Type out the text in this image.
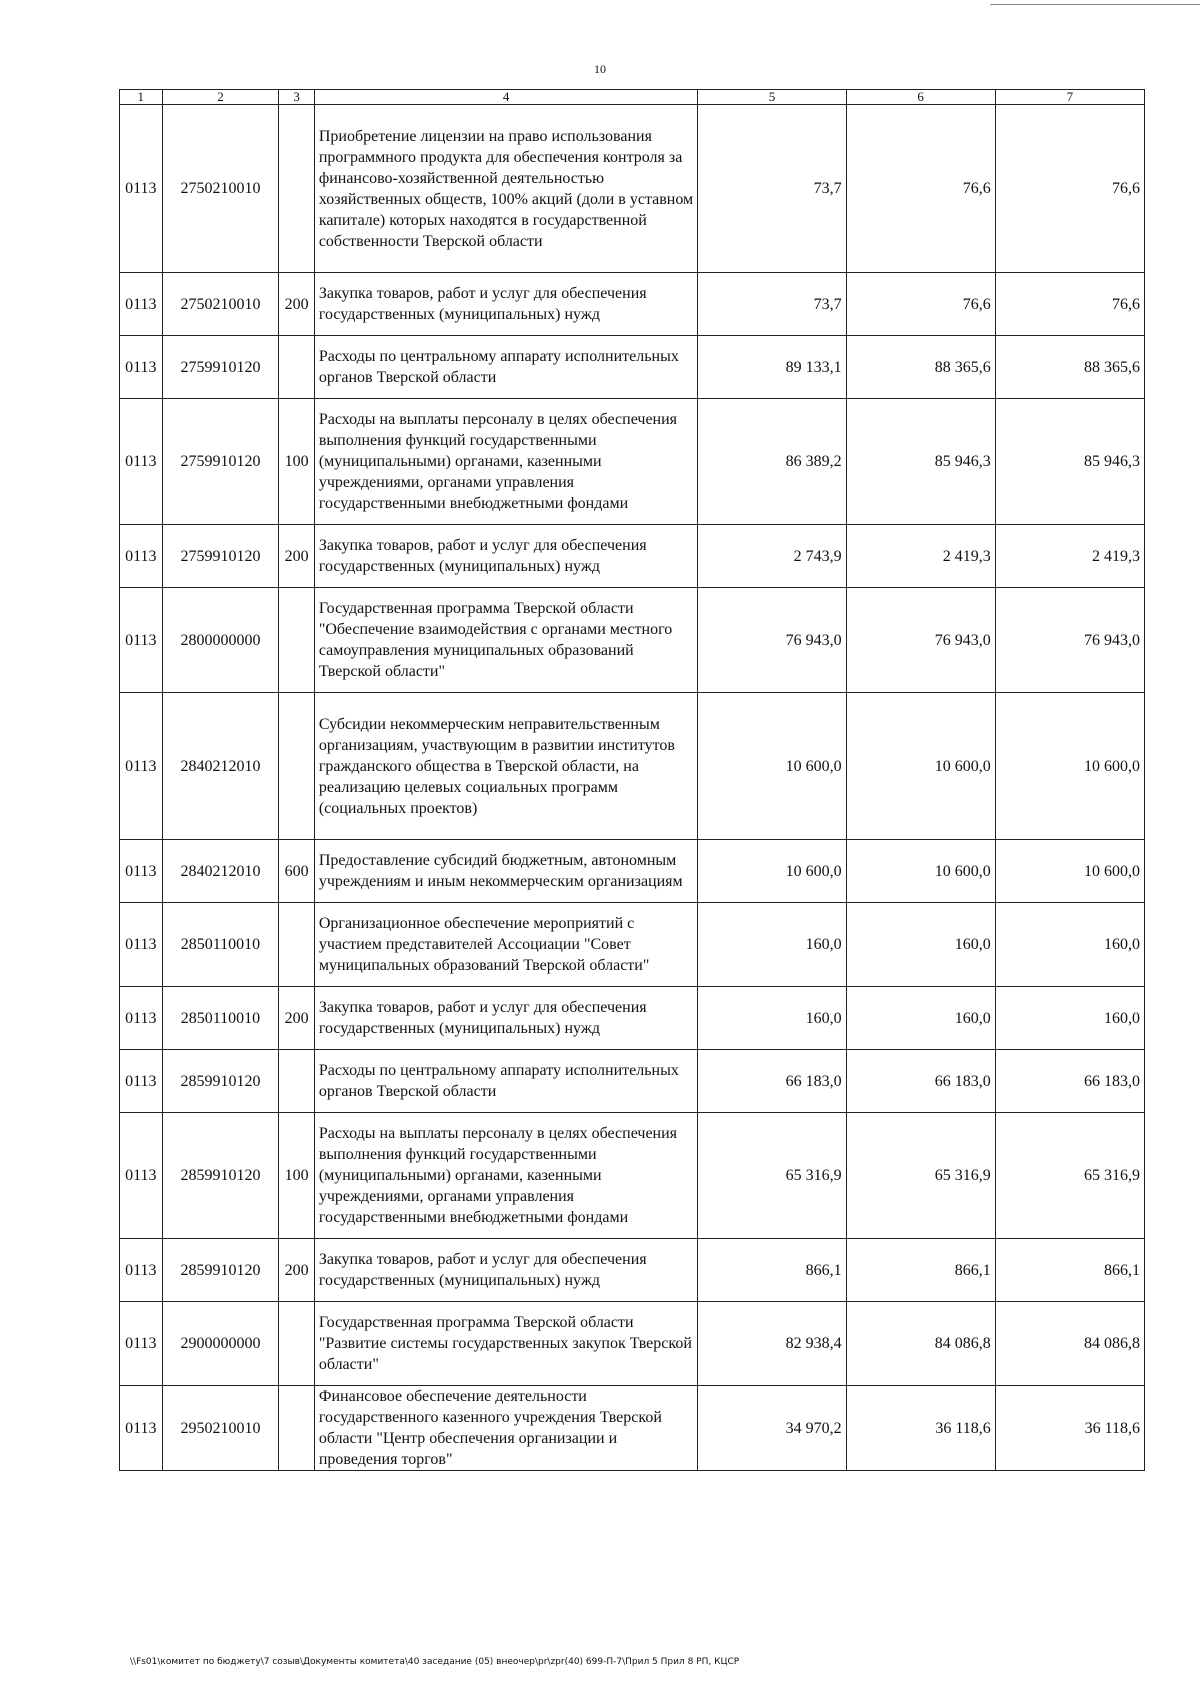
10
1	2	3	4	5	6	7
0113	2750210010		Приобретение лицензии на право использования программного продукта для обеспечения контроля за финансово-хозяйственной деятельностью хозяйственных обществ, 100% акций (доли в уставном капитале) которых находятся в государственной собственности Тверской области	73,7	76,6	76,6
0113	2750210010	200	Закупка товаров, работ и услуг для обеспечения государственных (муниципальных) нужд	73,7	76,6	76,6
0113	2759910120		Расходы по центральному аппарату исполнительных органов Тверской области	89 133,1	88 365,6	88 365,6
0113	2759910120	100	Расходы на выплаты персоналу в целях обеспечения выполнения функций государственными (муниципальными) органами, казенными учреждениями, органами управления государственными внебюджетными фондами	86 389,2	85 946,3	85 946,3
0113	2759910120	200	Закупка товаров, работ и услуг для обеспечения государственных (муниципальных) нужд	2 743,9	2 419,3	2 419,3
0113	2800000000		Государственная программа Тверской области "Обеспечение взаимодействия с органами местного самоуправления муниципальных образований Тверской области"	76 943,0	76 943,0	76 943,0
0113	2840212010		Субсидии некоммерческим неправительственным организациям, участвующим в развитии институтов гражданского общества в Тверской области, на реализацию целевых социальных программ (социальных проектов)	10 600,0	10 600,0	10 600,0
0113	2840212010	600	Предоставление субсидий бюджетным, автономным учреждениям и иным некоммерческим организациям	10 600,0	10 600,0	10 600,0
0113	2850110010		Организационное обеспечение мероприятий с участием представителей Ассоциации "Совет муниципальных образований Тверской области"	160,0	160,0	160,0
0113	2850110010	200	Закупка товаров, работ и услуг для обеспечения государственных (муниципальных) нужд	160,0	160,0	160,0
0113	2859910120		Расходы по центральному аппарату исполнительных органов Тверской области	66 183,0	66 183,0	66 183,0
0113	2859910120	100	Расходы на выплаты персоналу в целях обеспечения выполнения функций государственными (муниципальными) органами, казенными учреждениями, органами управления государственными внебюджетными фондами	65 316,9	65 316,9	65 316,9
0113	2859910120	200	Закупка товаров, работ и услуг для обеспечения государственных (муниципальных) нужд	866,1	866,1	866,1
0113	2900000000		Государственная программа Тверской области "Развитие системы государственных закупок Тверской области"	82 938,4	84 086,8	84 086,8
0113	2950210010		Финансовое обеспечение деятельности государственного казенного учреждения Тверской области "Центр обеспечения организации и проведения торгов"	34 970,2	36 118,6	36 118,6
\\Fs01\комитет по бюджету\7 созыв\Документы комитета\40 заседание (05) внеочер\pr\zpr(40) 699-П-7\Прил 5 Прил 8 РП, КЦСР
